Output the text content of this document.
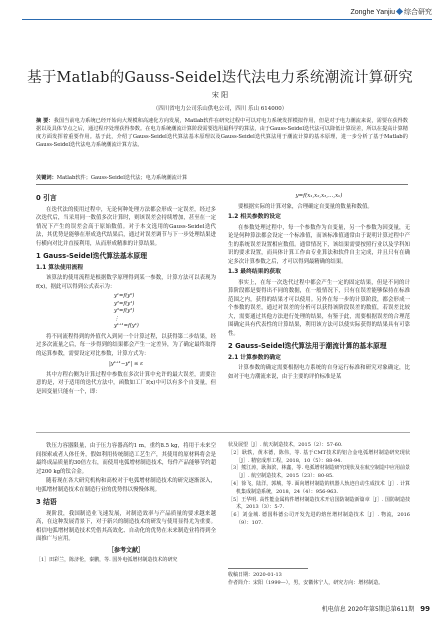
Zonghe Yanjiu 综合研究
基于Matlab的Gauss-Seidel迭代法电力系统潮流计算研究
宋 阳
（四川省电力公司乐山供电公司，四川 乐山 614000）
摘 要：我国当前电力系统已经开始向大规模和高速化方向发展，Matlab软件在研究过程中可以对电力系统发挥模拟作用，但是对于电力潮流来说，需要在获得数据以及具体节点之后，通过程序处理获得参数。在电力系统潮流计算阶段需要选用最科学的算法，由于Gauss-Seidel迭代法可以降低计算误差，所以在提高计算精度方面发挥着重要作用。基于此，介绍了Gauss-Seidel迭代算法基本原理以及Gauss-Seidel迭代算法用于潮流计算的基本原理，进一步分析了基于Matlab的Gauss-Seidel迭代法电力系统潮流计算方法。
关键词：Matlab软件；Gauss-Seidel迭代法；电力系统潮流计算
0 引言
在迭代法的使用过程中，无论何种处理方法都会形成一定误差，经过多次迭代后，当采用同一数值多次计算时，则该误差会持续增加，甚至在一定情况下产生的误差会高于原始数值。对于本文选用的Gauss-Seidel迭代法，其优势是能够在形成迭代结果后，通过对误差调节与下一步处理结果进行横向对比并直接利用，从而形成精准的计算结果。
1 Gauss-Seidel迭代算法基本原理
1.1 算法使用流程
该算法的使用流程是根据数学原理得到某一参数，计算方法可以表现为f(x)，据此可以得到公式表示为：
y¹=f(y⁰)
y²=f(y¹)
y³=f(y²)
⋮
yᵏ⁺¹=f(yᵏ)
将不同流程得到的外值代入到同一个计算过程，以获得第二步结果，经过多次流量之后，每一步得到的结果都会产生一定差异，为了确定最终取得的运算参数，需要设定对比参数，计算方式为：
|yᵏ⁺¹−yᵏ| ≤ ε
其中方程右侧为计算过程中参数在多次计算中允许的最大误差，需要注意的是，对于适用的迭代方法中，函数如工厂f(x)中可以有多个自变量，但是因变量只能有一个，即：
y=f(x₁,x₂,x₃,…,xₙ)
要根据实际的计算对象，合理确定自变量的数量和数值。
1.2 相关参数的设定
在参数处理过程中，每一个参数作为自变量，另一个参数为因变量，无论是何种算法都会设定一个标准值，而该标准值通常由于说明计算过程中产生的系统误差设置相应数值。通常情况下，该结果需要按照行业以及学科知识的要求设置，而具体计算工作由专业算法和软件自主完成，并且只有在确定多次计算参数之后，才可以得到最精确的结果。
1.3 最终结果的获取
事实上，在每一次迭代过程中都会产生一定的固定结果，但是不同的计算阶段都是要得出不同的数据，在一般情况下，只有在误差能够保持在标准范围之内，获得的结果才可以使用。另外在每一步的计算阶段，都会形成一个参数的误差，通过对误差的分析可以获得该阶段误差的数值，若误差比较大，需要通过其他方法进行处理的结果，有鉴于此，需要根据误差的合理范围确定具有代表性的计算结果，利用该方法可以使实际获得的结果具有可靠性。
2 Gauss-Seidel迭代算法用于潮流计算的基本原理
2.1 计算参数的确定
计算参数的确定需要根据电力系统的自身运行标准和研究对象确定，比如对于电力潮流来说，由于主要的评价标准是某
铁压力容器限量，由于压力容器高约1 m，重约8.5 kg，将用于未来空间探索或者人体任务，假如利用传统制造工艺生产，其使用的原材料将会是最终成品质量的30倍左右，而使用电弧增材制造技术，每件产品能够节约超过200 kg的钛合金。
随着现在各大研究机构和高校对于电弧增材制造技术的研究逐渐深入，电弧增材制造技术在制造行业的优势得以慢慢体现。
3 结语
现阶段，我国制造业飞速发展，对制造效率与产品质量的要求越来越高，在这种发展背景下，对于新兴的制造技术的研发与使用显得尤为重要。相信电弧增材制造技术凭借其高效化、自动化的优势在未来制造业将得到全面推广与应用。
［参考文献］
［1］田彩兰，陈济伦，秦鹏，等. 国外电弧增材制造技术的研究
状及展望［J］. 航天制造技术，2015（2）：57-60.
［2］耿轶，黄本德，陈伟，等. 基于CMT技术的铝合金电弧增材制造研究现状［J］. 精密成形工程，2018，10（5）：88-94.
［3］熊江涛，耿海滨，林鑫，等. 电弧增材制造研究现状及在航空制造中应用前景［J］. 航空制造技术，2015（23）：80-85.
［4］徐飞，陆洋，郭虓，等. 面向增材制造的机器人轨迹自动生成技术［J］. 计算机集成制造系统，2018，24（4）：956-963.
［5］王华明. 高性能金属构件增材制造技术开启国防制造新篇章［J］. 国防制造技术，2013（3）：5-7.
［6］刘金城. 德国科德公司开发先进的熔丝增材制造技术［J］. 物流，2016（9）：107.
收稿日期：2020-01-13
作者简介：宋阳（1999—），男，安徽休宁人，研究方向：增材制造。
机电信息 2020年第5期总第611期 99
